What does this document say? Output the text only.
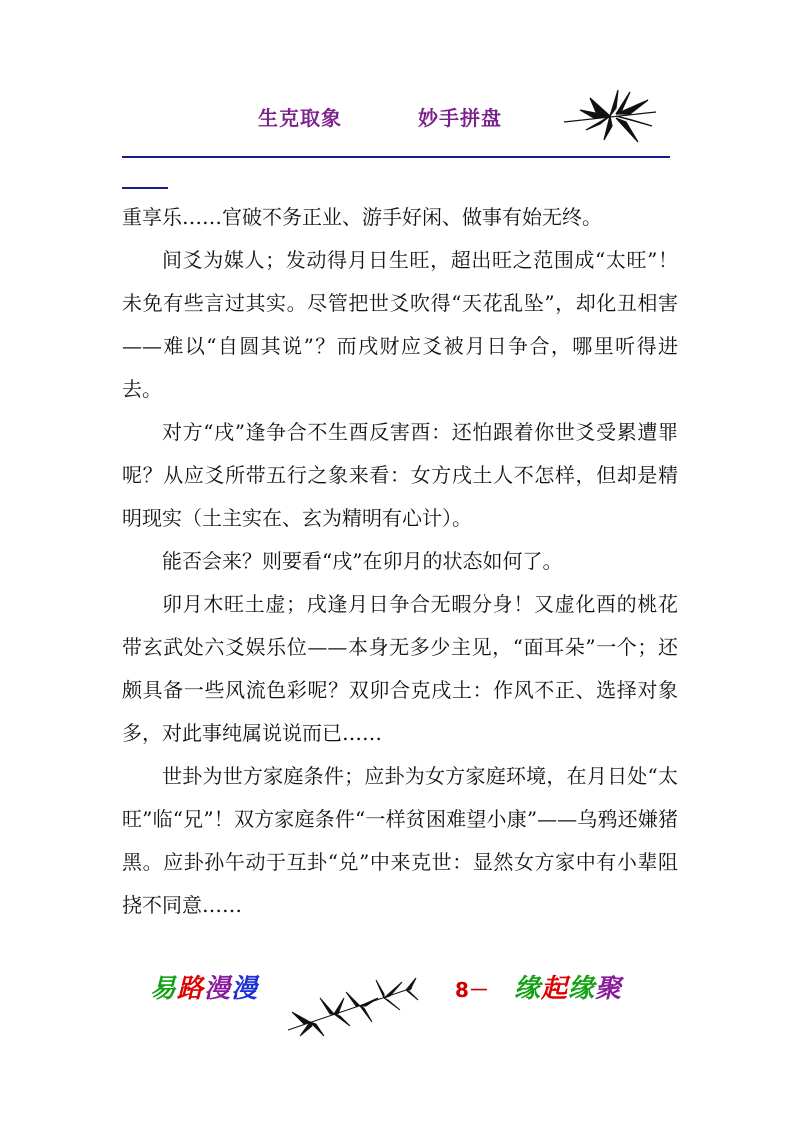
生克取象	妙手拼盘

重享乐……官破不务正业、游手好闲、做事有始无终。

间爻为媒人；发动得月日生旺，超出旺之范围成“太旺”！未免有些言过其实。尽管把世爻吹得“天花乱坠”，却化丑相害——难以“自圆其说”？而戌财应爻被月日争合，哪里听得进去。

对方“戌”逢争合不生酉反害酉：还怕跟着你世爻受累遭罪呢？从应爻所带五行之象来看：女方戌土人不怎样，但却是精明现实（土主实在、玄为精明有心计）。

能否会来？则要看“戌”在卯月的状态如何了。

卯月木旺土虚；戌逢月日争合无暇分身！又虚化酉的桃花带玄武处六爻娱乐位——本身无多少主见，“面耳朵”一个；还颇具备一些风流色彩呢？双卯合克戌土：作风不正、选择对象多，对此事纯属说说而已……

世卦为世方家庭条件；应卦为女方家庭环境，在月日处“太旺”临“兄”！双方家庭条件“一样贫困难望小康”——乌鸦还嫌猪黑。应卦孙午动于互卦“兑”中来克世：显然女方家中有小辈阻挠不同意……

易路漫漫	8－ 缘起缘聚
